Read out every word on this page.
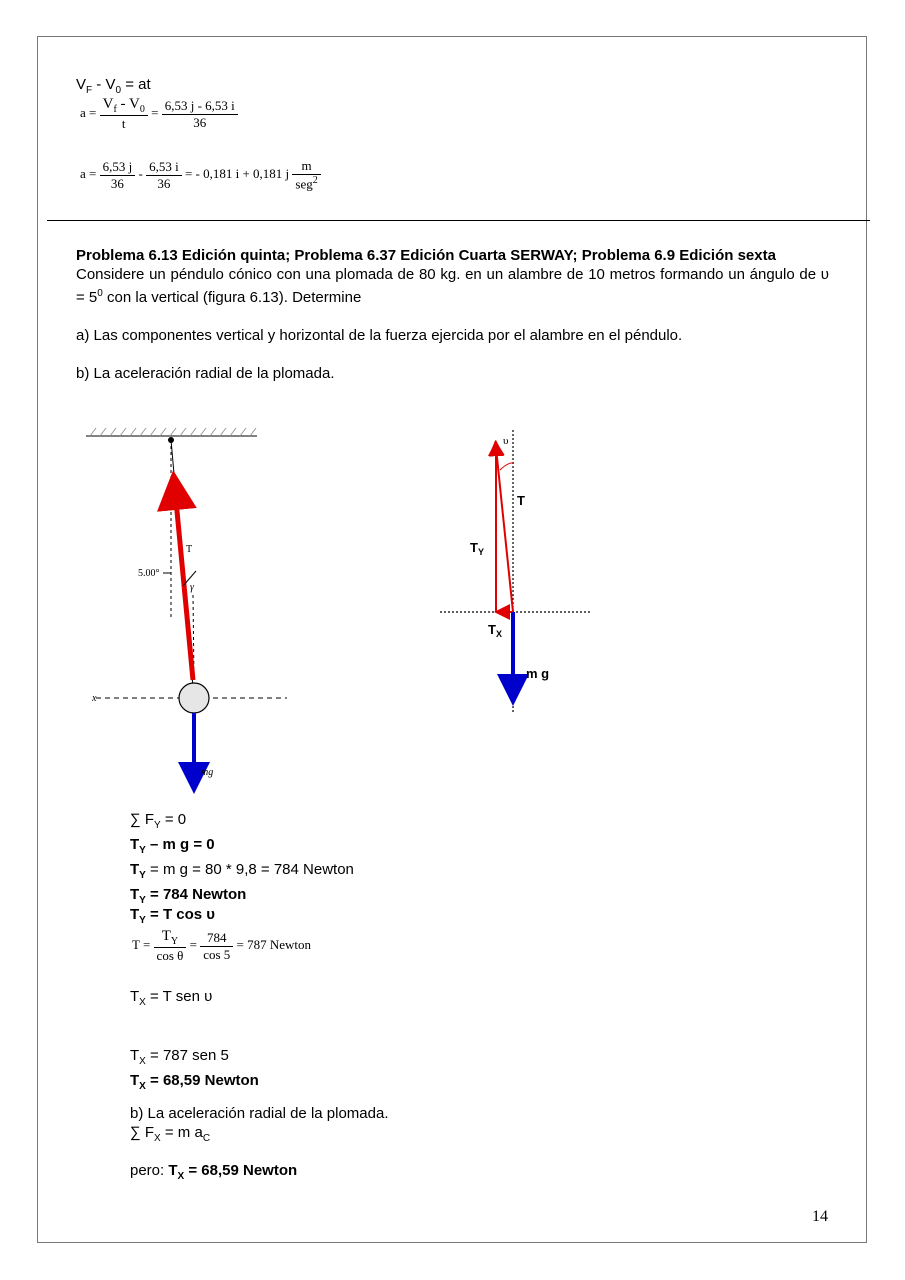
$V_F - V_0$ = at
$a = \frac{V_f - V_0}{t} = \frac{6,53 j - 6,53 i}{36}$
$a = \frac{6,53 j}{36} - \frac{6,53 i}{36}$ = - 0,181 i + 0,181 j $\frac{m}{seg^2}$

Problema 6.13 Edición quinta; Problema 6.37 Edición Cuarta SERWAY; Problema 6.9 Edición sexta

Considere un péndulo cónico con una plomada de 80 kg. en un alambre de 10 metros formando un ángulo de $\upsilon = 5^0$ con la vertical (figura 6.13). Determine

a) Las componentes vertical y horizontal de la fuerza ejercida por el alambre en el péndulo.

b) La aceleración radial de la plomada.

5.00°
T
γ
x
mg
υ
T
$T_Y$
$T_X$
m g
∑ $F_Y = 0$
$T_Y$ – m g = 0
$T_Y = m$ g = 80 * 9,8 = 784 Newton
$T_Y = 784$ Newton
$T_Y = T$ cos υ
$T = \frac{T_Y}{\text{cos θ}} = \frac{784}{\cos 5} = 787$ Newton
$T_X = T$ sen υ
$T_X = 787$ sen 5
$T_X = 68,59$ Newton
b) La aceleración radial de la plomada.
∑ $F_X = m$ $a_C$
pero: $T_X = 68,59$ Newton
14
